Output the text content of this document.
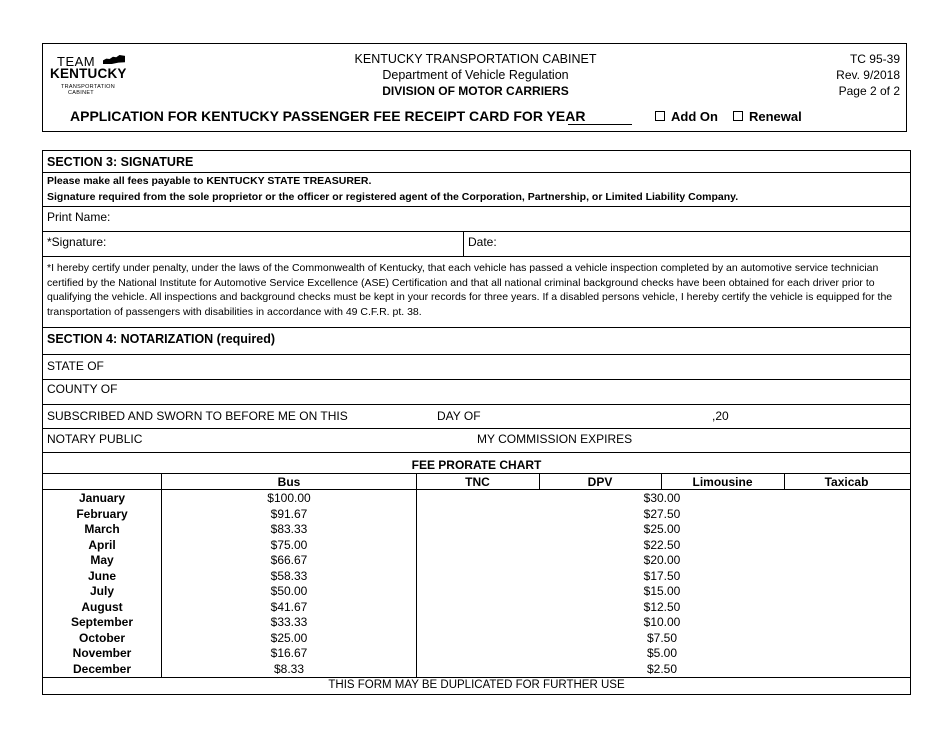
TEAM
KENTUCKY
TRANSPORTATION CABINET
KENTUCKY TRANSPORTATION CABINET
Department of Vehicle Regulation
DIVISION OF MOTOR CARRIERS
TC 95-39
Rev. 9/2018
Page 2 of 2
APPLICATION FOR KENTUCKY PASSENGER FEE RECEIPT CARD FOR YEAR	Add On Renewal
SECTION 3: SIGNATURE
Please make all fees payable to KENTUCKY STATE TREASURER.
Signature required from the sole proprietor or the officer or registered agent of the Corporation, Partnership, or Limited Liability Company.
Print Name:
*Signature:	Date:
*I hereby certify under penalty, under the laws of the Commonwealth of Kentucky, that each vehicle has passed a vehicle inspection completed by an automotive service technician certified by the National Institute for Automotive Service Excellence (ASE) Certification and that all national criminal background checks have been obtained for each driver prior to qualifying the vehicle. All inspections and background checks must be kept in your records for three years. If a disabled persons vehicle, I hereby certify the vehicle is equipped for the transportation of passengers with disabilities in accordance with 49 C.F.R. pt. 38.
SECTION 4: NOTARIZATION (required)
STATE OF
COUNTY OF
SUBSCRIBED AND SWORN TO BEFORE ME ON THIS	DAY OF	,20
NOTARY PUBLIC	MY COMMISSION EXPIRES
FEE PRORATE CHART
Bus	TNC	DPV	Limousine	Taxicab
January	$100.00	$30.00
February	$91.67	$27.50
March	$83.33	$25.00
April	$75.00	$22.50
May	$66.67	$20.00
June	$58.33	$17.50
July	$50.00	$15.00
August	$41.67	$12.50
September	$33.33	$10.00
October	$25.00	$7.50
November	$16.67	$5.00
December	$8.33	$2.50
THIS FORM MAY BE DUPLICATED FOR FURTHER USE
